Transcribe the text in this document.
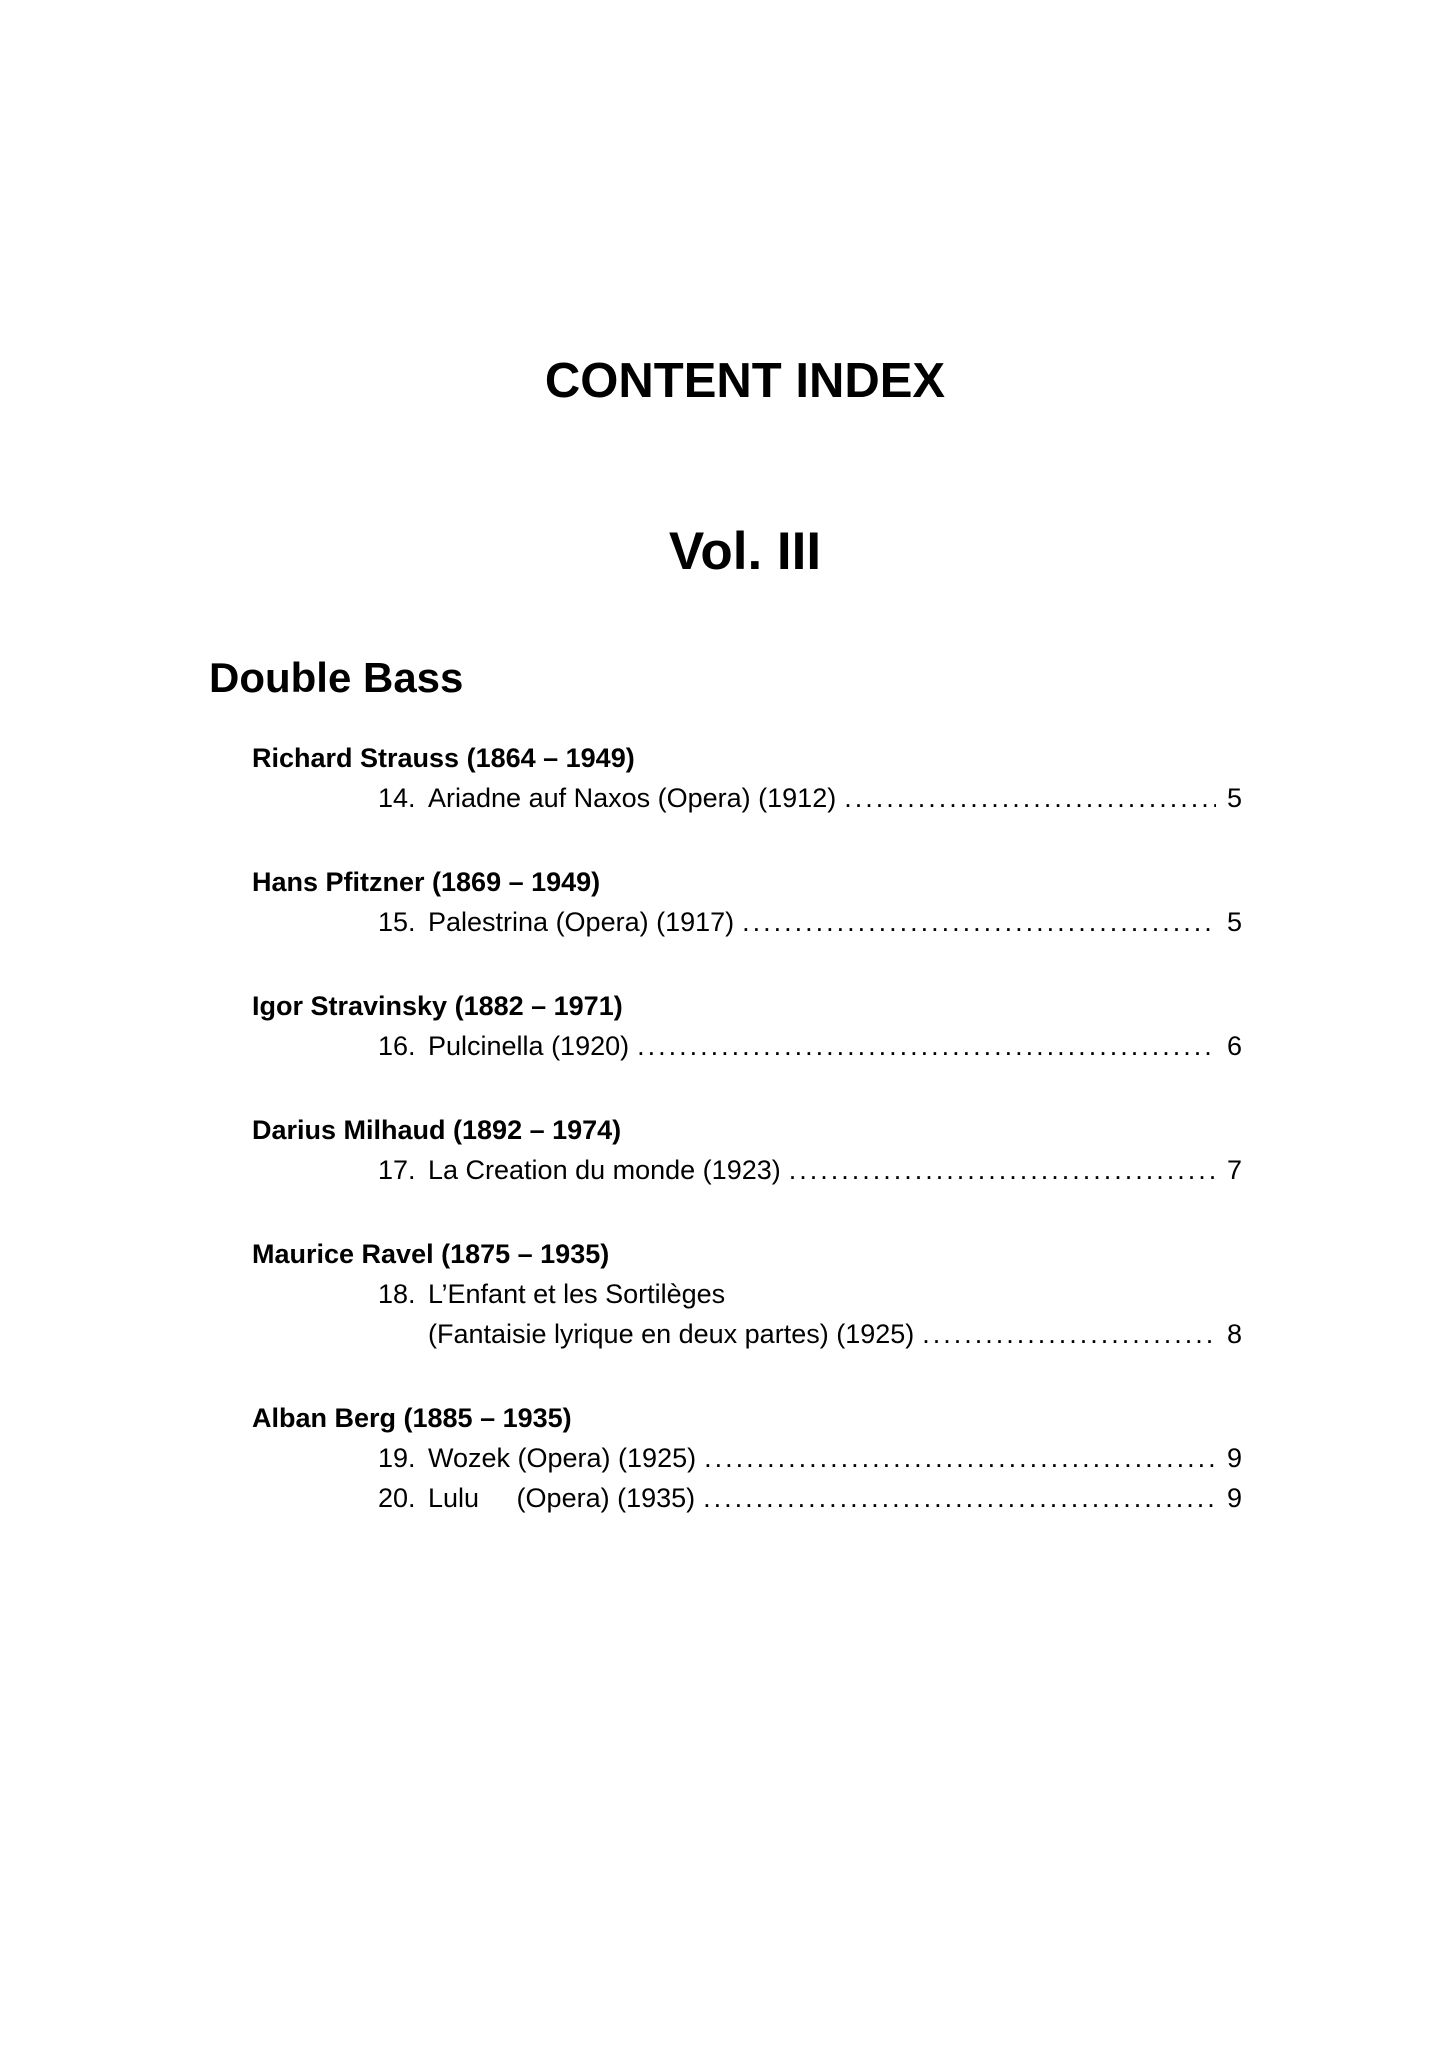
CONTENT INDEX
Vol. III
Double Bass
Richard Strauss (1864 – 1949)
14. Ariadne auf Naxos (Opera) (1912) .....	5
Hans Pfitzner (1869 – 1949)
15. Palestrina (Opera) (1917) .....	5
Igor Stravinsky (1882 – 1971)
16. Pulcinella (1920) .....	6
Darius Milhaud (1892 – 1974)
17. La Creation du monde (1923) .....	7
Maurice Ravel (1875 – 1935)
18. L’Enfant et les Sortilèges
(Fantaisie lyrique en deux partes) (1925) .....	8
Alban Berg (1885 – 1935)
19. Wozek (Opera) (1925) .....	9
20. Lulu     (Opera) (1935) .....	9
